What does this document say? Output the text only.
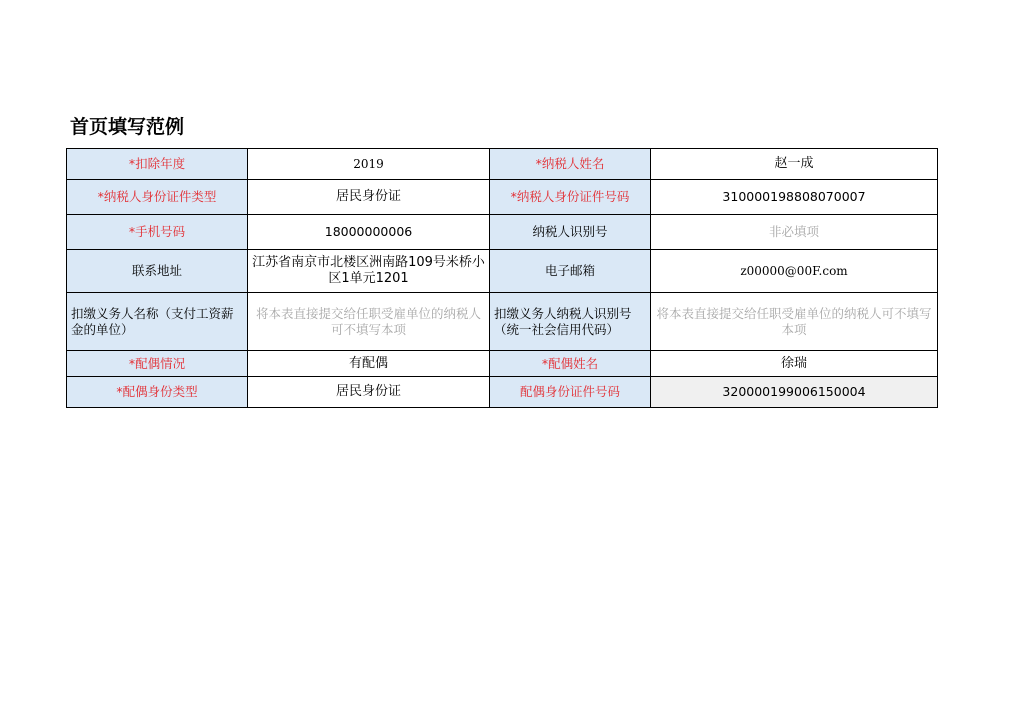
首页填写范例
*扣除年度	2019	*纳税人姓名	赵一成
*纳税人身份证件类型	居民身份证	*纳税人身份证件号码	310000198808070007
*手机号码	18000000006	纳税人识别号	非必填项
联系地址	江苏省南京市北楼区洲南路109号米桥小区1单元1201	电子邮箱	z00000@00F.com
扣缴义务人名称（支付工资薪金的单位）	将本表直接提交给任职受雇单位的纳税人可不填写本项	扣缴义务人纳税人识别号（统一社会信用代码）	将本表直接提交给任职受雇单位的纳税人可不填写本项
*配偶情况	有配偶	*配偶姓名	徐瑞
*配偶身份类型	居民身份证	配偶身份证件号码	320000199006150004
